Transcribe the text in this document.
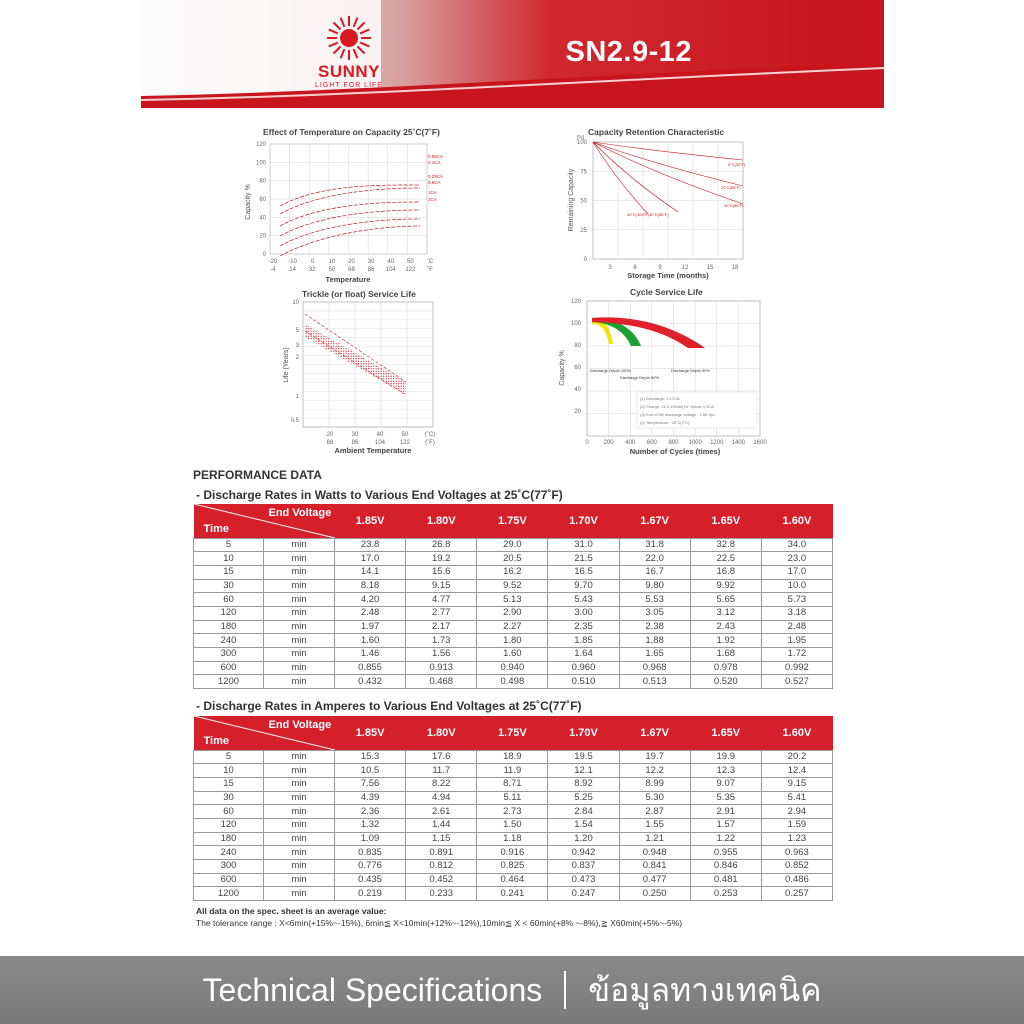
SUNNY
LIGHT FOR LIFE
SN2.9-12
Effect of Temperature on Capacity 25˚C(7˚F)
120
100
80
60
40
20
0
-20 -10 0 10 20 30 40 50 ˚C
-4 14 32 50 68 86 104 122 ˚F
Capacity %
Temperature
0.05CA
0.1CA
0.25CA
0.6CA
1CA
2CA
Capacity Retention Characteristic
[%]
100
75
50
25
0
3	6	9	12	15	18
Remaining Capacity
Storage Time (months)
0˚C(32˚F)
20˚C(68˚F)
30˚C(86˚F)
40˚C(104˚F) 30˚C(86˚F)
Trickle (or float) Service Life
10
5
3
2
1
0.5
20	30	40	50	(˚C)
68	86	104 122	(˚F)
Life (Years)
Ambient Temperature
Cycle Service Life
120
100
80
60
40
20
0 200 400 600 800 1000 1200 1400 1600
Capacity %
Number of Cycles (times)
Discharge Depth 100%
Discharge Depth 50%
Discharge Depth 30%
(1) Discharge: 0.17CA
(2) Charge: 2V.2.4V/cell(16~4)max 0.3CA
(3) End of life discharge voltage : 1.65 Vpc
(4) Temperature : 25˚C(2˚C)
PERFORMANCE DATA
- Discharge Rates in Watts to Various End Voltages at 25˚C(77˚F)
End Voltage
Time		1.85V	1.80V	1.75V	1.70V	1.67V	1.65V	1.60V
5	min	23.8	26.8	29.0	31.0	31.8	32.8	34.0
10	min	17.0	19.2	20.5	21.5	22.0	22.5	23.0
15	min	14.1	15.6	16.2	16.5	16.7	16.8	17.0
30	min	8.18	9.15	9.52	9.70	9.80	9.92	10.0
60	min	4.20	4.77	5.13	5.43	5.53	5.65	5.73
120	min	2.48	2.77	2.90	3.00	3.05	3.12	3.18
180	min	1.97	2.17	2.27	2.35	2.38	2.43	2.48
240	min	1.60	1.73	1.80	1.85	1.88	1.92	1.95
300	min	1.46	1.56	1.60	1.64	1.65	1.68	1.72
600	min	0.855	0.913	0.940	0.960	0.968	0.978	0.992
1200	min	0.432	0.468	0.498	0.510	0.513	0.520	0.527
- Discharge Rates in Amperes to Various End Voltages at 25˚C(77˚F)
End Voltage
Time		1.85V	1.80V	1.75V	1.70V	1.67V	1.65V	1.60V
5	min	15.3	17.6	18.9	19.5	19.7	19.9	20.2
10	min	10.5	11.7	11.9	12.1	12.2	12.3	12.4
15	min	7.56	8.22	8.71	8.92	8.99	9.07	9.15
30	min	4.39	4.94	5.11	5.25	5.30	5.35	5.41
60	min	2.36	2.61	2.73	2.84	2.87	2.91	2.94
120	min	1.32	1.44	1.50	1.54	1.55	1.57	1.59
180	min	1.09	1.15	1.18	1.20	1.21	1.22	1.23
240	min	0.835	0.891	0.916	0.942	0.948	0.955	0.963
300	min	0.776	0.812	0.825	0.837	0.841	0.846	0.852
600	min	0.435	0.452	0.464	0.473	0.477	0.481	0.486
1200	min	0.219	0.233	0.241	0.247	0.250	0.253	0.257
All data on the spec. sheet is an average value:
The tolerance range : X<6min(+15%~-15%), 6min≦ X<10min(+12%~-12%),10min≦ X < 60min(+8% ~-8%),≧ X60min(+5%~-5%)
Technical Specifications ข้อมูลทางเทคนิค
